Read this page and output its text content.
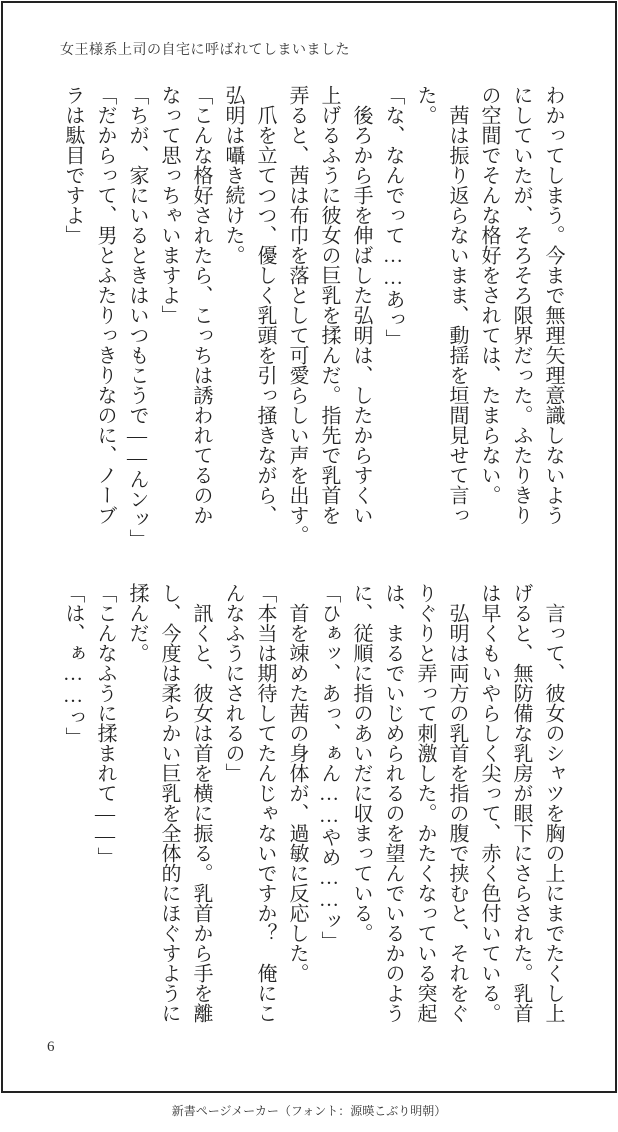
女王様系上司の自宅に呼ばれてしまいました
わかってしまう。今まで無理矢理意識しないよう
にしていたが、そろそろ限界だった。ふたりきり
の空間でそんな格好をされては、たまらない。
　茜は振り返らないまま、動揺を垣間見せて言っ
た。
「な、なんでって……あっ」
　後ろから手を伸ばした弘明は、したからすくい
上げるふうに彼女の巨乳を揉んだ。指先で乳首を
弄ると、茜は布巾を落として可愛らしい声を出す。
　爪を立てつつ、優しく乳頭を引っ掻きながら、
弘明は囁き続けた。
「こんな格好されたら、こっちは誘われてるのか
なって思っちゃいますよ」
「ちが、家にいるときはいつもこうで――んンッ」
「だからって、男とふたりっきりなのに、ノーブ
ラは駄目ですよ」
　言って、彼女のシャツを胸の上にまでたくし上
げると、無防備な乳房が眼下にさらされた。乳首
は早くもいやらしく尖って、赤く色付いている。
　弘明は両方の乳首を指の腹で挟むと、それをぐ
りぐりと弄って刺激した。かたくなっている突起
は、まるでいじめられるのを望んでいるかのよう
に、従順に指のあいだに収まっている。
「ひぁッ、あっ、ぁん……やめ……ッ」
　首を竦めた茜の身体が、過敏に反応した。
「本当は期待してたんじゃないですか？　俺にこ
んなふうにされるの」
　訊くと、彼女は首を横に振る。乳首から手を離
し、今度は柔らかい巨乳を全体的にほぐすように
揉んだ。
「こんなふうに揉まれて――」
「は、ぁ……っ」
6
新書ページメーカー（フォント：源暎こぶり明朝）
